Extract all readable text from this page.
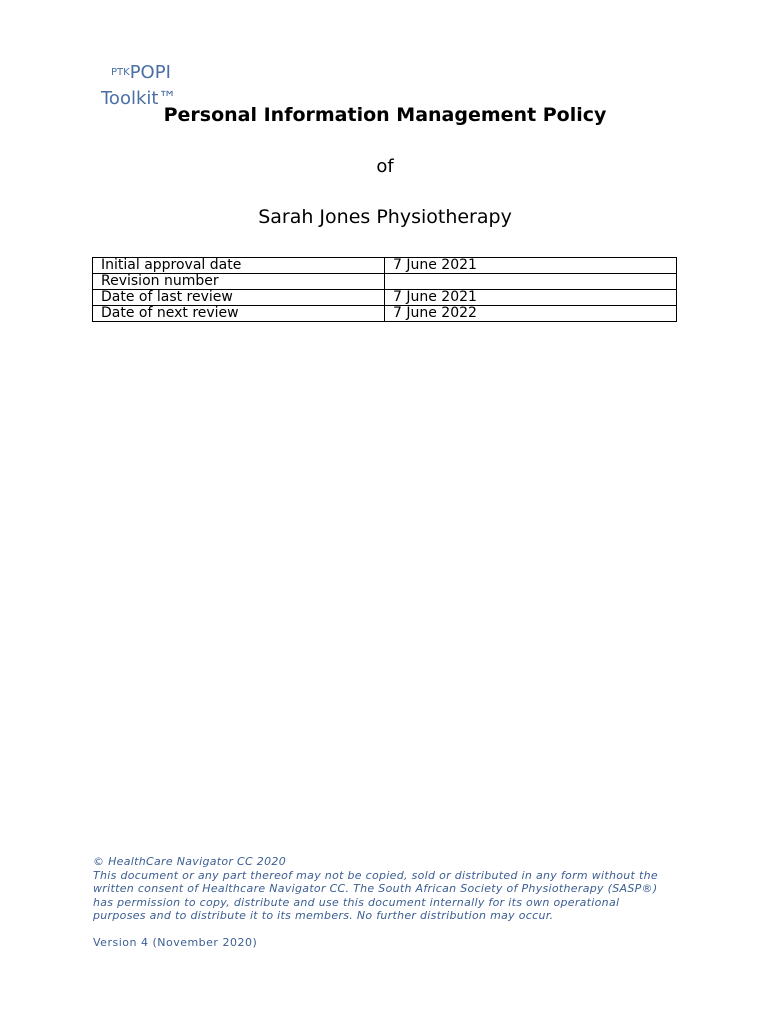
$^{PTK}$POPI
Toolkit™
Personal Information Management Policy
of
Sarah Jones Physiotherapy
Initial approval date	7 June 2021
Revision number	
Date of last review	7 June 2021
Date of next review	7 June 2022
© HealthCare Navigator CC 2020
This document or any part thereof may not be copied, sold or distributed in any form without the written consent of Healthcare Navigator CC. The South African Society of Physiotherapy (SASP®) has permission to copy, distribute and use this document internally for its own operational purposes and to distribute it to its members. No further distribution may occur.
Version 4 (November 2020)
